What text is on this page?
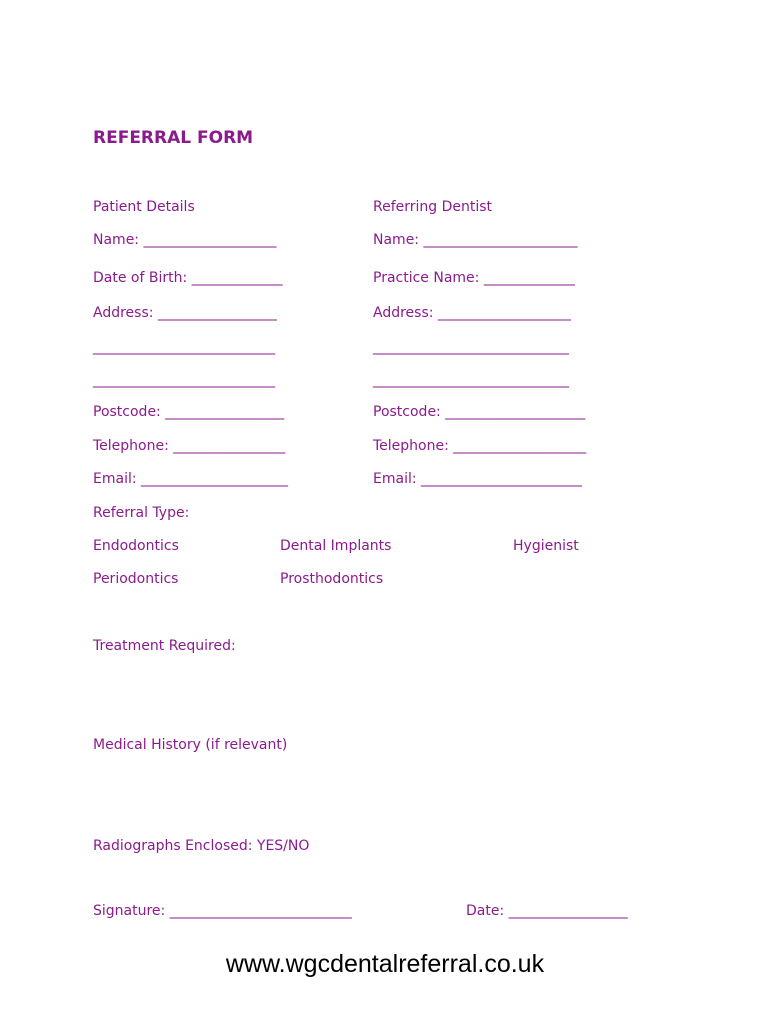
REFERRAL FORM
Patient Details
Name: ___________________
Date of Birth: _____________
Address: _________________
__________________________
__________________________
Postcode: _________________
Telephone: ________________
Email: _____________________
Referring Dentist
Name: ______________________
Practice Name: _____________
Address: ___________________
____________________________
____________________________
Postcode: ____________________
Telephone: ___________________
Email: _______________________
Referral Type:
Endodontics	Dental Implants	Hygienist
Periodontics	Prosthodontics
Treatment Required:
Medical History (if relevant)
Radiographs Enclosed: YES/NO
Signature: __________________________	Date: _________________
www.wgcdentalreferral.co.uk
